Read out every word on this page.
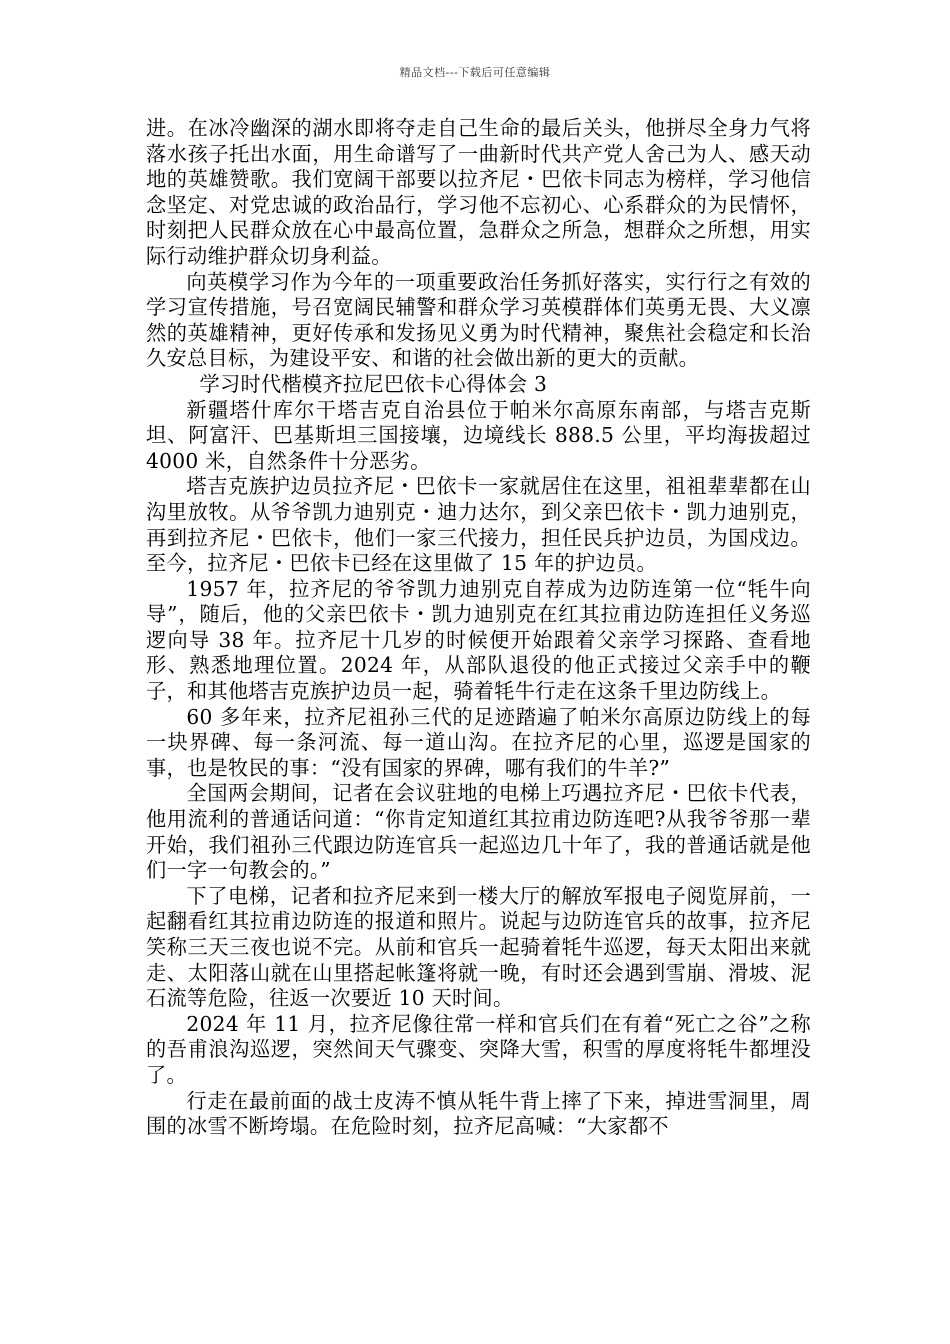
精品文档---下载后可任意编辑

进。在冰冷幽深的湖水即将夺走自己生命的最后关头，他拼尽全身力气将落水孩子托出水面，用生命谱写了一曲新时代共产党人舍己为人、感天动地的英雄赞歌。我们宽阔干部要以拉齐尼・巴依卡同志为榜样，学习他信念坚定、对党忠诚的政治品行，学习他不忘初心、心系群众的为民情怀，时刻把人民群众放在心中最高位置，急群众之所急，想群众之所想，用实际行动维护群众切身利益。

向英模学习作为今年的一项重要政治任务抓好落实，实行行之有效的学习宣传措施，号召宽阔民辅警和群众学习英模群体们英勇无畏、大义凛然的英雄精神，更好传承和发扬见义勇为时代精神，聚焦社会稳定和长治久安总目标，为建设平安、和谐的社会做出新的更大的贡献。

学习时代楷模齐拉尼巴依卡心得体会 3

新疆塔什库尔干塔吉克自治县位于帕米尔高原东南部，与塔吉克斯坦、阿富汗、巴基斯坦三国接壤，边境线长 888.5 公里，平均海拔超过 4000 米，自然条件十分恶劣。

塔吉克族护边员拉齐尼・巴依卡一家就居住在这里，祖祖辈辈都在山沟里放牧。从爷爷凯力迪别克・迪力达尔，到父亲巴依卡・凯力迪别克，再到拉齐尼・巴依卡，他们一家三代接力，担任民兵护边员，为国戍边。至今，拉齐尼・巴依卡已经在这里做了 15 年的护边员。

1957 年，拉齐尼的爷爷凯力迪别克自荐成为边防连第一位“牦牛向导”，随后，他的父亲巴依卡・凯力迪别克在红其拉甫边防连担任义务巡逻向导 38 年。拉齐尼十几岁的时候便开始跟着父亲学习探路、查看地形、熟悉地理位置。2024 年，从部队退役的他正式接过父亲手中的鞭子，和其他塔吉克族护边员一起，骑着牦牛行走在这条千里边防线上。

60 多年来，拉齐尼祖孙三代的足迹踏遍了帕米尔高原边防线上的每一块界碑、每一条河流、每一道山沟。在拉齐尼的心里，巡逻是国家的事，也是牧民的事：“没有国家的界碑，哪有我们的牛羊?”

全国两会期间，记者在会议驻地的电梯上巧遇拉齐尼・巴依卡代表，他用流利的普通话问道：“你肯定知道红其拉甫边防连吧?从我爷爷那一辈开始，我们祖孙三代跟边防连官兵一起巡边几十年了，我的普通话就是他们一字一句教会的。”

下了电梯，记者和拉齐尼来到一楼大厅的解放军报电子阅览屏前，一起翻看红其拉甫边防连的报道和照片。说起与边防连官兵的故事，拉齐尼笑称三天三夜也说不完。从前和官兵一起骑着牦牛巡逻，每天太阳出来就走、太阳落山就在山里搭起帐篷将就一晚，有时还会遇到雪崩、滑坡、泥石流等危险，往返一次要近 10 天时间。

2024 年 11 月，拉齐尼像往常一样和官兵们在有着“死亡之谷”之称的吾甫浪沟巡逻，突然间天气骤变、突降大雪，积雪的厚度将牦牛都埋没了。

行走在最前面的战士皮涛不慎从牦牛背上摔了下来，掉进雪洞里，周围的冰雪不断垮塌。在危险时刻，拉齐尼高喊：“大家都不
